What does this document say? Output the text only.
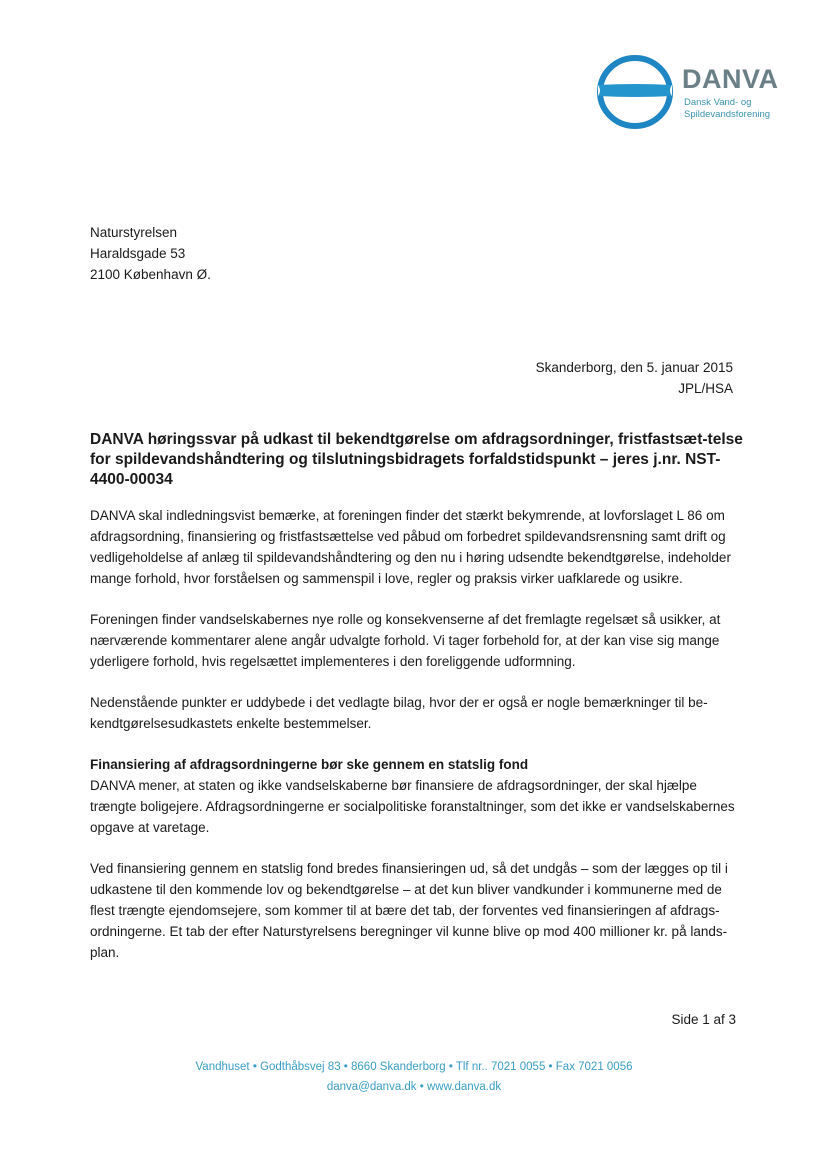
DANVA
Dansk Vand- og
Spildevandsforening
Naturstyrelsen
Haraldsgade 53
2100 København Ø.
Skanderborg, den 5. januar 2015
JPL/HSA
DANVA høringssvar på udkast til bekendtgørelse om afdragsordninger, fristfastsæt-telse for spildevandshåndtering og tilslutningsbidragets forfaldstidspunkt – jeres j.nr. NST-4400-00034

DANVA skal indledningsvist bemærke, at foreningen finder det stærkt bekymrende, at lovforslaget L 86 om afdragsordning, finansiering og fristfastsættelse ved påbud om forbedret spildevandsrensning samt drift og vedligeholdelse af anlæg til spildevandshåndtering og den nu i høring udsendte bekendtgørelse, indeholder mange forhold, hvor forståelsen og sammenspil i love, regler og praksis virker uafklarede og usikre.

Foreningen finder vandselskabernes nye rolle og konsekvenserne af det fremlagte regelsæt så usikker, at nærværende kommentarer alene angår udvalgte forhold. Vi tager forbehold for, at der kan vise sig mange yderligere forhold, hvis regelsættet implementeres i den foreliggende udformning.

Nedenstående punkter er uddybede i det vedlagte bilag, hvor der er også er nogle bemærkninger til be-kendtgørelsesudkastets enkelte bestemmelser.

Finansiering af afdragsordningerne bør ske gennem en statslig fond
DANVA mener, at staten og ikke vandselskaberne bør finansiere de afdragsordninger, der skal hjælpe trængte boligejere. Afdragsordningerne er socialpolitiske foranstaltninger, som det ikke er vandselskabernes opgave at varetage.

Ved finansiering gennem en statslig fond bredes finansieringen ud, så det undgås – som der lægges op til i udkastene til den kommende lov og bekendtgørelse – at det kun bliver vandkunder i kommunerne med de flest trængte ejendomsejere, som kommer til at bære det tab, der forventes ved finansieringen af afdrags-ordningerne. Et tab der efter Naturstyrelsens beregninger vil kunne blive op mod 400 millioner kr. på lands-plan.

Side 1 af 3
Vandhuset • Godthåbsvej 83 • 8660 Skanderborg • Tlf nr.. 7021 0055 • Fax 7021 0056
danva@danva.dk • www.danva.dk
